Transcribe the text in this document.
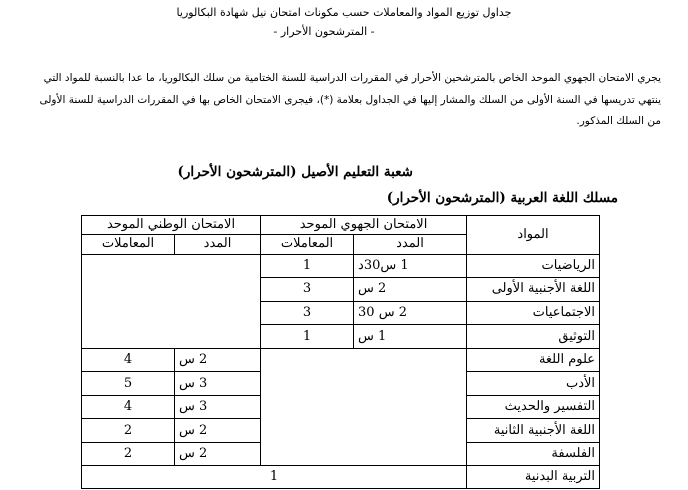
جداول توزيع المواد والمعاملات حسب مكونات امتحان نيل شهادة البكالوريا
- المترشحون الأحرار -
يجري الامتحان الجهوي الموحد الخاص بالمترشحين الأحرار في المقررات الدراسية للسنة الختامية من سلك البكالوريا، ما عدا بالنسبة للمواد التي
ينتهي تدريسها في السنة الأولى من السلك والمشار إليها في الجداول بعلامة (*)، فيجرى الامتحان الخاص بها في المقررات الدراسية للسنة الأولى
من السلك المذكور.
شعبة التعليم الأصيل (المترشحون الأحرار)
مسلك اللغة العربية (المترشحون الأحرار)
الامتحان الوطني الموحد		الامتحان الجهوي الموحد		المواد
المعاملات	المدد	المعاملات	المدد	
		1	1 س30د	الرياضيات
		3	2 س	اللغة الأجنبية الأولى
		3	2 س 30	الاجتماعيات
		1	1 س	التوثيق
4	2 س			علوم اللغة
5	3 س			الأدب
4	3 س			التفسير والحديث
2	2 س			اللغة الأجنبية الثانية
2	2 س			الفلسفة
1				التربية البدنية
